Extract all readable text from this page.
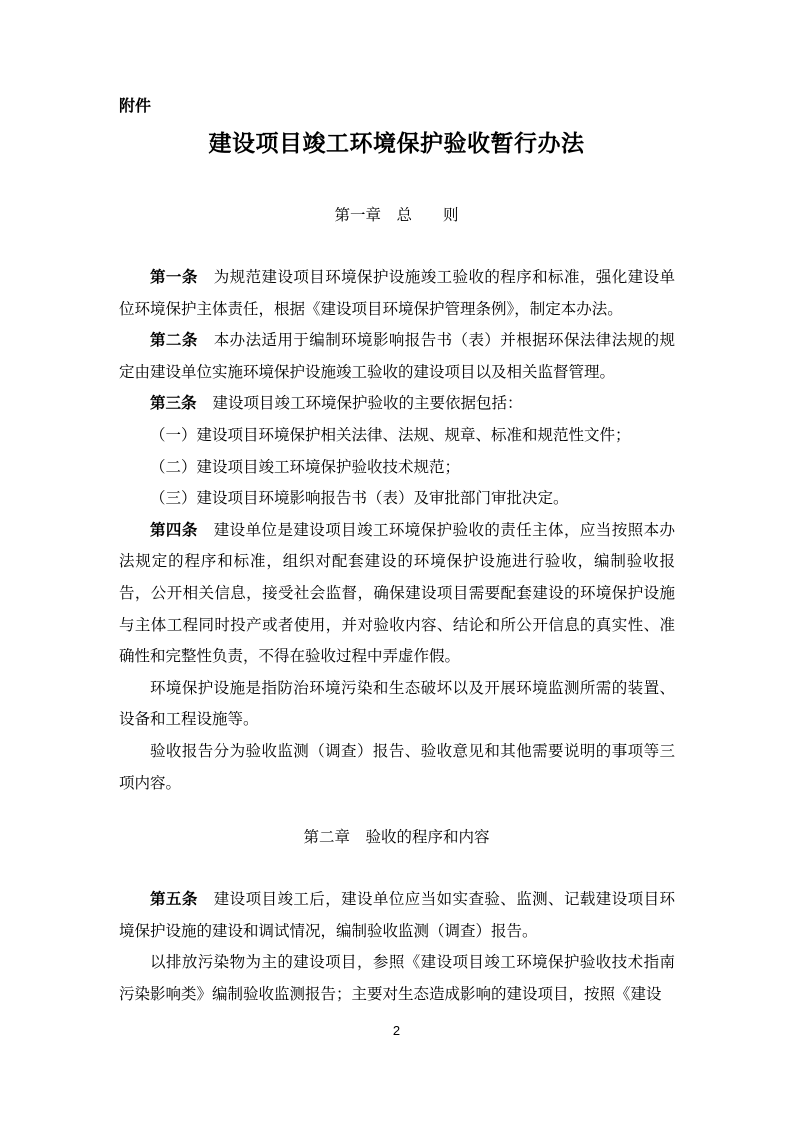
附件
建设项目竣工环境保护验收暂行办法
第一章　总　　则

第一条 为规范建设项目环境保护设施竣工验收的程序和标准，强化建设单位环境保护主体责任，根据《建设项目环境保护管理条例》，制定本办法。

第二条 本办法适用于编制环境影响报告书（表）并根据环保法律法规的规定由建设单位实施环境保护设施竣工验收的建设项目以及相关监督管理。

第三条 建设项目竣工环境保护验收的主要依据包括：

（一）建设项目环境保护相关法律、法规、规章、标准和规范性文件；

（二）建设项目竣工环境保护验收技术规范；

（三）建设项目环境影响报告书（表）及审批部门审批决定。

第四条 建设单位是建设项目竣工环境保护验收的责任主体，应当按照本办法规定的程序和标准，组织对配套建设的环境保护设施进行验收，编制验收报告，公开相关信息，接受社会监督，确保建设项目需要配套建设的环境保护设施与主体工程同时投产或者使用，并对验收内容、结论和所公开信息的真实性、准确性和完整性负责，不得在验收过程中弄虚作假。

环境保护设施是指防治环境污染和生态破坏以及开展环境监测所需的装置、设备和工程设施等。

验收报告分为验收监测（调查）报告、验收意见和其他需要说明的事项等三项内容。

第二章　验收的程序和内容

第五条 建设项目竣工后，建设单位应当如实查验、监测、记载建设项目环境保护设施的建设和调试情况，编制验收监测（调查）报告。

以排放污染物为主的建设项目，参照《建设项目竣工环境保护验收技术指南污染影响类》编制验收监测报告；主要对生态造成影响的建设项目，按照《建设

2
